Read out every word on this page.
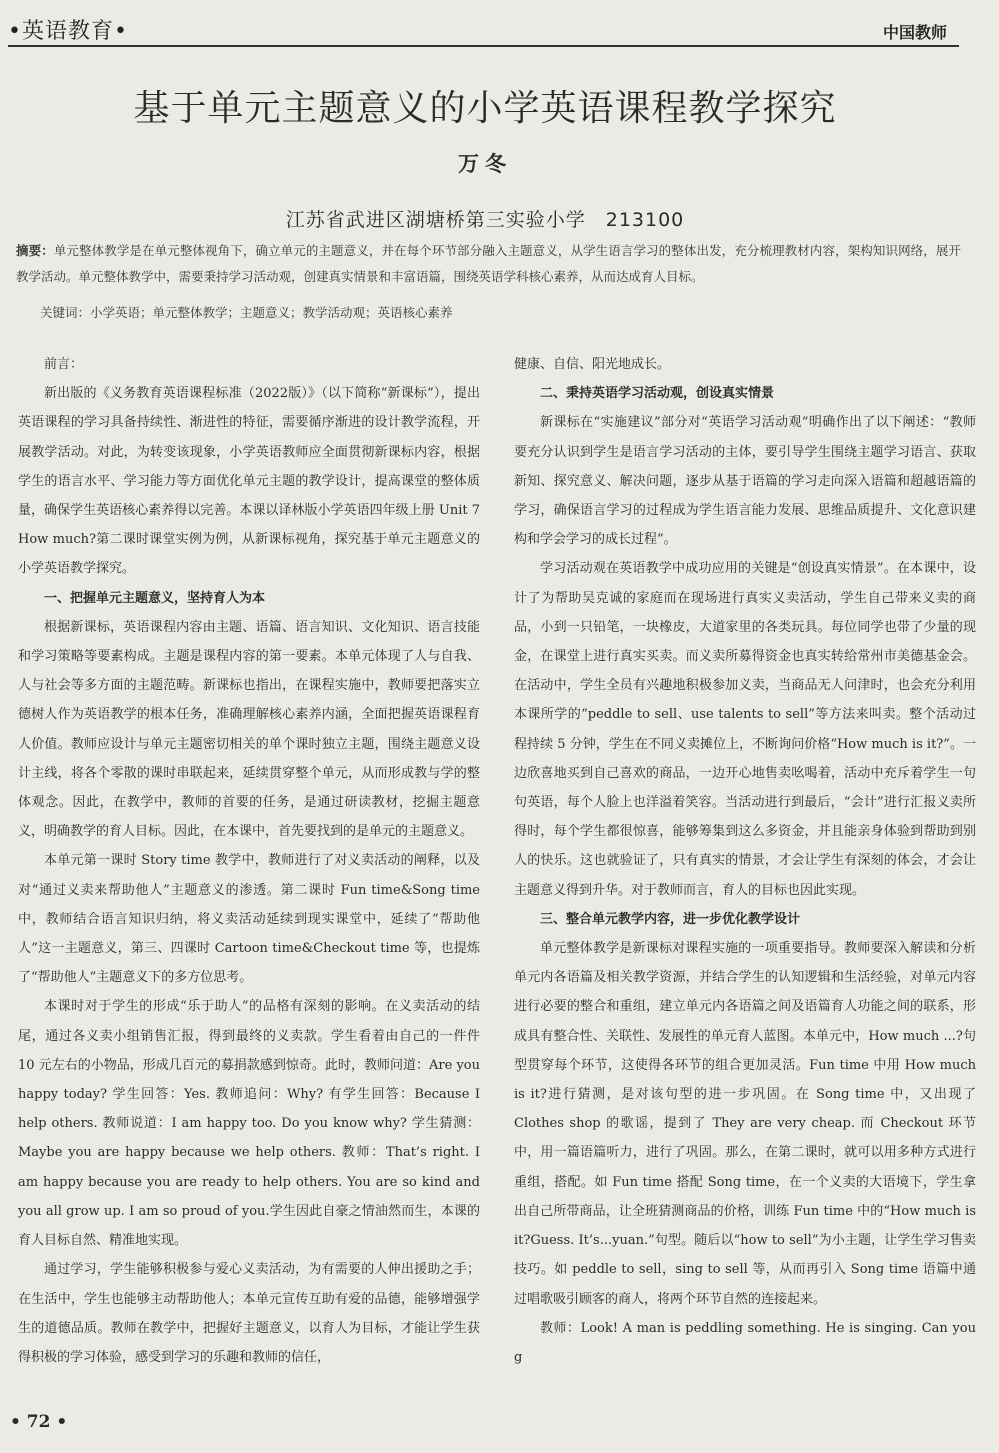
•英语教育•	中国教师
基于单元主题意义的小学英语课程教学探究
万冬
江苏省武进区湖塘桥第三实验小学　213100
摘要：单元整体教学是在单元整体视角下，确立单元的主题意义，并在每个环节部分融入主题意义，从学生语言学习的整体出发，充分梳理教材内容，架构知识网络，展开教学活动。单元整体教学中，需要秉持学习活动观，创建真实情景和丰富语篇，围绕英语学科核心素养，从而达成育人目标。
关键词：小学英语；单元整体教学；主题意义；教学活动观；英语核心素养

前言：

新出版的《义务教育英语课程标准（2022版）》（以下简称“新课标”），提出英语课程的学习具备持续性、渐进性的特征，需要循序渐进的设计教学流程，开展教学活动。对此，为转变该现象，小学英语教师应全面贯彻新课标内容，根据学生的语言水平、学习能力等方面优化单元主题的教学设计，提高课堂的整体质量，确保学生英语核心素养得以完善。本课以译林版小学英语四年级上册 Unit 7 How much?第二课时课堂实例为例，从新课标视角，探究基于单元主题意义的小学英语教学探究。

一、把握单元主题意义，坚持育人为本

根据新课标，英语课程内容由主题、语篇、语言知识、文化知识、语言技能和学习策略等要素构成。主题是课程内容的第一要素。本单元体现了人与自我、人与社会等多方面的主题范畴。新课标也指出，在课程实施中，教师要把落实立德树人作为英语教学的根本任务，准确理解核心素养内涵，全面把握英语课程育人价值。教师应设计与单元主题密切相关的单个课时独立主题，围绕主题意义设计主线，将各个零散的课时串联起来，延续贯穿整个单元，从而形成教与学的整体观念。因此，在教学中，教师的首要的任务，是通过研读教材，挖掘主题意义，明确教学的育人目标。因此，在本课中，首先要找到的是单元的主题意义。

本单元第一课时 Story time 教学中，教师进行了对义卖活动的阐释，以及对“通过义卖来帮助他人”主题意义的渗透。第二课时 Fun time&Song time 中，教师结合语言知识归纳，将义卖活动延续到现实课堂中，延续了“帮助他人”这一主题意义，第三、四课时 Cartoon time&Checkout time 等，也提炼了“帮助他人”主题意义下的多方位思考。

本课时对于学生的形成“乐于助人”的品格有深刻的影响。在义卖活动的结尾，通过各义卖小组销售汇报，得到最终的义卖款。学生看着由自己的一件件 10 元左右的小物品，形成几百元的募捐款感到惊奇。此时，教师问道：Are you happy today? 学生回答：Yes. 教师追问：Why? 有学生回答：Because I help others. 教师说道：I am happy too. Do you know why? 学生猜测：Maybe you are happy because we help others. 教师：That’s right. I am happy because you are ready to help others. You are so kind and you all grow up. I am so proud of you.学生因此自豪之情油然而生，本课的育人目标自然、精准地实现。

通过学习，学生能够积极参与爱心义卖活动，为有需要的人伸出援助之手；在生活中，学生也能够主动帮助他人；本单元宣传互助有爱的品德，能够增强学生的道德品质。教师在教学中，把握好主题意义，以育人为目标，才能让学生获得积极的学习体验，感受到学习的乐趣和教师的信任，

健康、自信、阳光地成长。

二、秉持英语学习活动观，创设真实情景

新课标在“实施建议”部分对“英语学习活动观”明确作出了以下阐述：“教师要充分认识到学生是语言学习活动的主体，要引导学生围绕主题学习语言、获取新知、探究意义、解决问题，逐步从基于语篇的学习走向深入语篇和超越语篇的学习，确保语言学习的过程成为学生语言能力发展、思维品质提升、文化意识建构和学会学习的成长过程”。

学习活动观在英语教学中成功应用的关键是“创设真实情景”。在本课中，设计了为帮助吴克诚的家庭而在现场进行真实义卖活动，学生自己带来义卖的商品，小到一只铅笔，一块橡皮，大道家里的各类玩具。每位同学也带了少量的现金，在课堂上进行真实买卖。而义卖所募得资金也真实转给常州市美德基金会。在活动中，学生全员有兴趣地积极参加义卖，当商品无人问津时，也会充分利用本课所学的“peddle to sell、use talents to sell”等方法来叫卖。整个活动过程持续 5 分钟，学生在不同义卖摊位上，不断询问价格“How much is it?”。一边欣喜地买到自己喜欢的商品，一边开心地售卖吆喝着，活动中充斥着学生一句句英语，每个人脸上也洋溢着笑容。当活动进行到最后，“会计”进行汇报义卖所得时，每个学生都很惊喜，能够筹集到这么多资金，并且能亲身体验到帮助到别人的快乐。这也就验证了，只有真实的情景，才会让学生有深刻的体会，才会让主题意义得到升华。对于教师而言，育人的目标也因此实现。

三、整合单元教学内容，进一步优化教学设计

单元整体教学是新课标对课程实施的一项重要指导。教师要深入解读和分析单元内各语篇及相关教学资源，并结合学生的认知逻辑和生活经验，对单元内容进行必要的整合和重组，建立单元内各语篇之间及语篇育人功能之间的联系，形成具有整合性、关联性、发展性的单元育人蓝图。本单元中，How much ...?句型贯穿每个环节，这使得各环节的组合更加灵活。Fun time 中用 How much is it?进行猜测，是对该句型的进一步巩固。在 Song time 中，又出现了 Clothes shop 的歌谣，提到了 They are very cheap. 而 Checkout 环节中，用一篇语篇听力，进行了巩固。那么，在第二课时，就可以用多种方式进行重组，搭配。如 Fun time 搭配 Song time，在一个义卖的大语境下，学生拿出自己所带商品，让全班猜测商品的价格，训练 Fun time 中的“How much is it?Guess. It’s...yuan.”句型。随后以“how to sell”为小主题，让学生学习售卖技巧。如 peddle to sell，sing to sell 等，从而再引入 Song time 语篇中通过唱歌吸引顾客的商人，将两个环节自然的连接起来。

教师：Look! A man is peddling something. He is singing. Can you g

• 72 •
